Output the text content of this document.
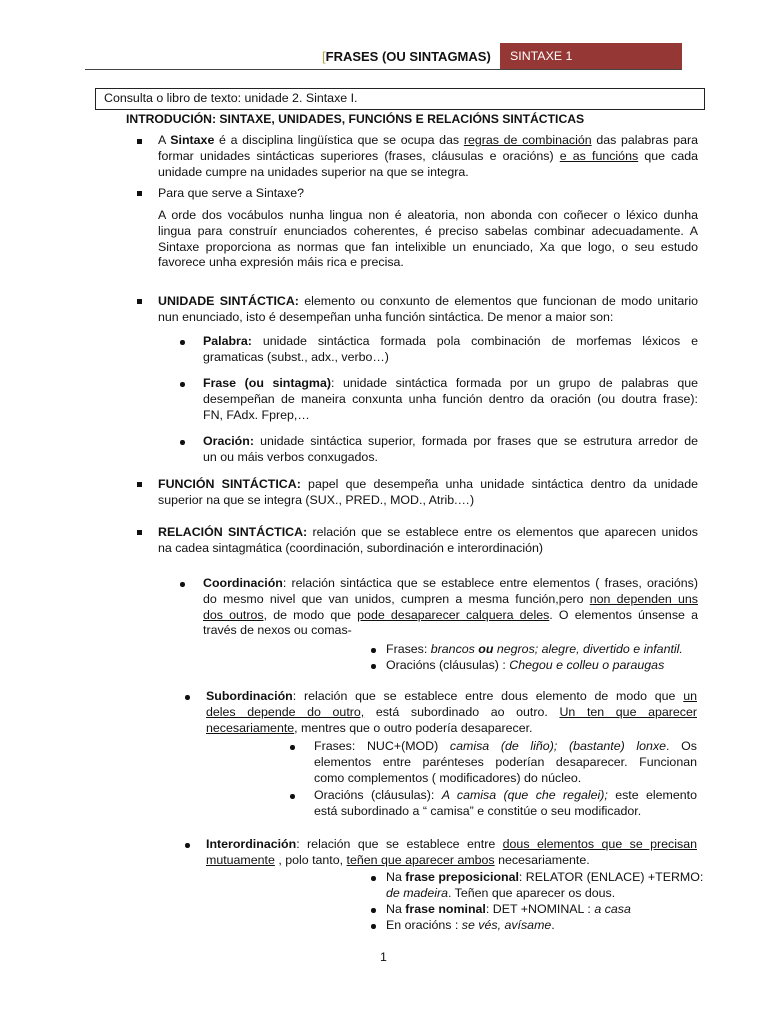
[FRASES (OU SINTAGMAS) SINTAXE 1
Consulta o libro de texto: unidade 2. Sintaxe I.
INTRODUCIÓN: SINTAXE, UNIDADES, FUNCIÓNS E RELACIÓNS SINTÁCTICAS
A Sintaxe é a disciplina lingüística que se ocupa das regras de combinación das palabras para
formar unidades sintácticas superiores (frases, cláusulas e oracións) e as funcións que cada
unidade cumpre na unidades superior na que se integra.
Para que serve a Sintaxe?
A orde dos vocábulos nunha lingua non é aleatoria, non abonda con coñecer o léxico dunha
lingua para construír enunciados coherentes, é preciso sabelas combinar adecuadamente. A
Sintaxe proporciona as normas que fan intelixible un enunciado, Xa que logo, o seu estudo
favorece unha expresión máis rica e precisa.
UNIDADE SINTÁCTICA: elemento ou conxunto de elementos que funcionan de modo unitario
nun enunciado, isto é desempeñan unha función sintáctica. De menor a maior son:
Palabra: unidade sintáctica formada pola combinación de morfemas léxicos e
gramaticas (subst., adx., verbo…)
Frase (ou sintagma): unidade sintáctica formada por un grupo de palabras que
desempeñan de maneira conxunta unha función dentro da oración (ou doutra frase):
FN, FAdx. Fprep,…
Oración: unidade sintáctica superior, formada por frases que se estrutura arredor de
un ou máis verbos conxugados.
FUNCIÓN SINTÁCTICA: papel que desempeña unha unidade sintáctica dentro da unidade
superior na que se integra (SUX., PRED., MOD., Atrib.…)
RELACIÓN SINTÁCTICA: relación que se establece entre os elementos que aparecen unidos
na cadea sintagmática (coordinación, subordinación e interordinación)
Coordinación: relación sintáctica que se establece entre elementos ( frases, oracións)
do mesmo nivel que van unidos, cumpren a mesma función,pero non dependen uns
dos outros, de modo que pode desaparecer calquera deles. O elementos únsense a
través de nexos ou comas-
Frases: brancos ou negros; alegre, divertido e infantil.
Oracións (cláusulas) : Chegou e colleu o paraugas
Subordinación: relación que se establece entre dous elemento de modo que un
deles depende do outro, está subordinado ao outro. Un ten que aparecer
necesariamente, mentres que o outro podería desaparecer.
Frases: NUC+(MOD) camisa (de liño); (bastante) lonxe. Os
elementos entre parénteses poderían desaparecer. Funcionan
como complementos ( modificadores) do núcleo.
Oracións (cláusulas): A camisa (que che regalei); este elemento
está subordinado a “ camisa” e constitúe o seu modificador.
Interordinación: relación que se establece entre dous elementos que se precisan
mutuamente , polo tanto, teñen que aparecer ambos necesariamente.
Na frase preposicional: RELATOR (ENLACE) +TERMO:
de madeira. Teñen que aparecer os dous.
Na frase nominal: DET +NOMINAL : a casa
En oracións : se vés, avísame.
1
